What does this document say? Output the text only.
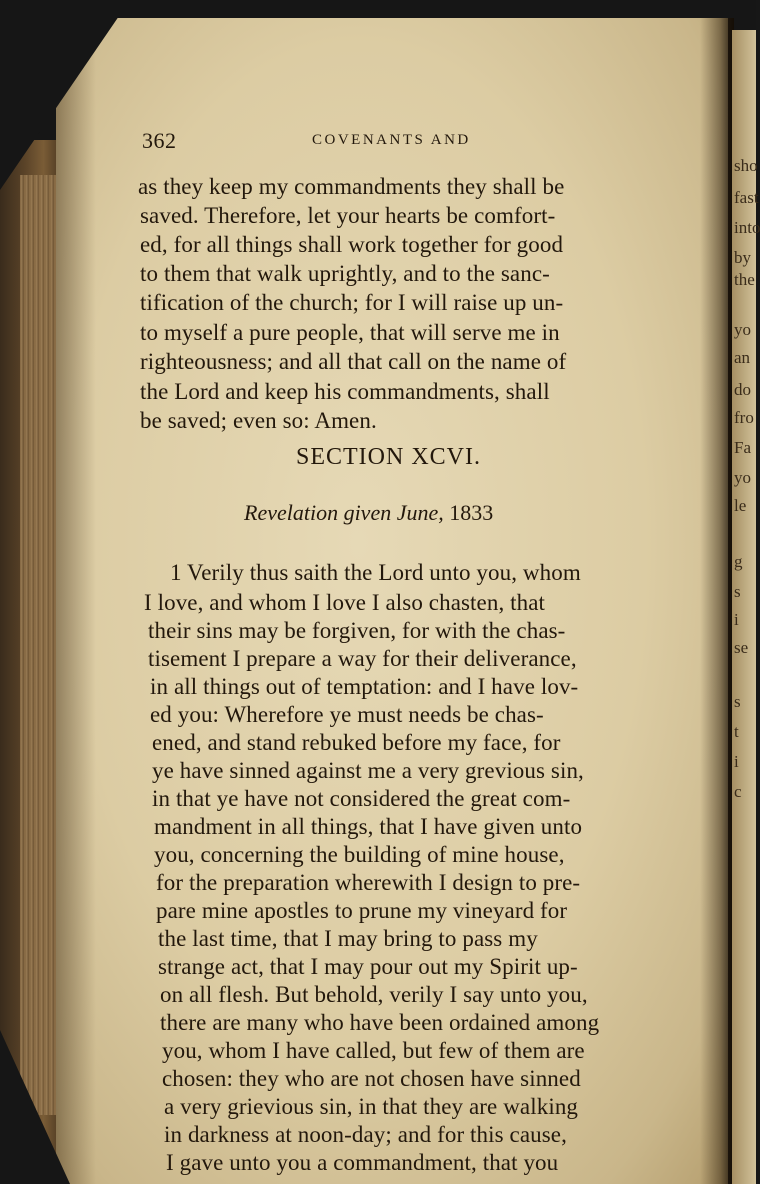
sho
fast
into
by
the
yo
an
do
fro
Fa
yo
le
g
s
i
se
s
t
i
c
362	COVENANTS AND
as they keep my commandments they shall be
saved. Therefore, let your hearts be comfort-
ed, for all things shall work together for good
to them that walk uprightly, and to the sanc-
tification of the church; for I will raise up un-
to myself a pure people, that will serve me in
righteousness; and all that call on the name of
the Lord and keep his commandments, shall
be saved; even so: Amen.
SECTION XCVI.
Revelation given June, 1833
1 Verily thus saith the Lord unto you, whom
I love, and whom I love I also chasten, that
their sins may be forgiven, for with the chas-
tisement I prepare a way for their deliverance,
in all things out of temptation: and I have lov-
ed you: Wherefore ye must needs be chas-
ened, and stand rebuked before my face, for
ye have sinned against me a very grevious sin,
in that ye have not considered the great com-
mandment in all things, that I have given unto
you, concerning the building of mine house,
for the preparation wherewith I design to pre-
pare mine apostles to prune my vineyard for
the last time, that I may bring to pass my
strange act, that I may pour out my Spirit up-
on all flesh. But behold, verily I say unto you,
there are many who have been ordained among
you, whom I have called, but few of them are
chosen: they who are not chosen have sinned
a very grievious sin, in that they are walking
in darkness at noon-day; and for this cause,
I gave unto you a commandment, that you
